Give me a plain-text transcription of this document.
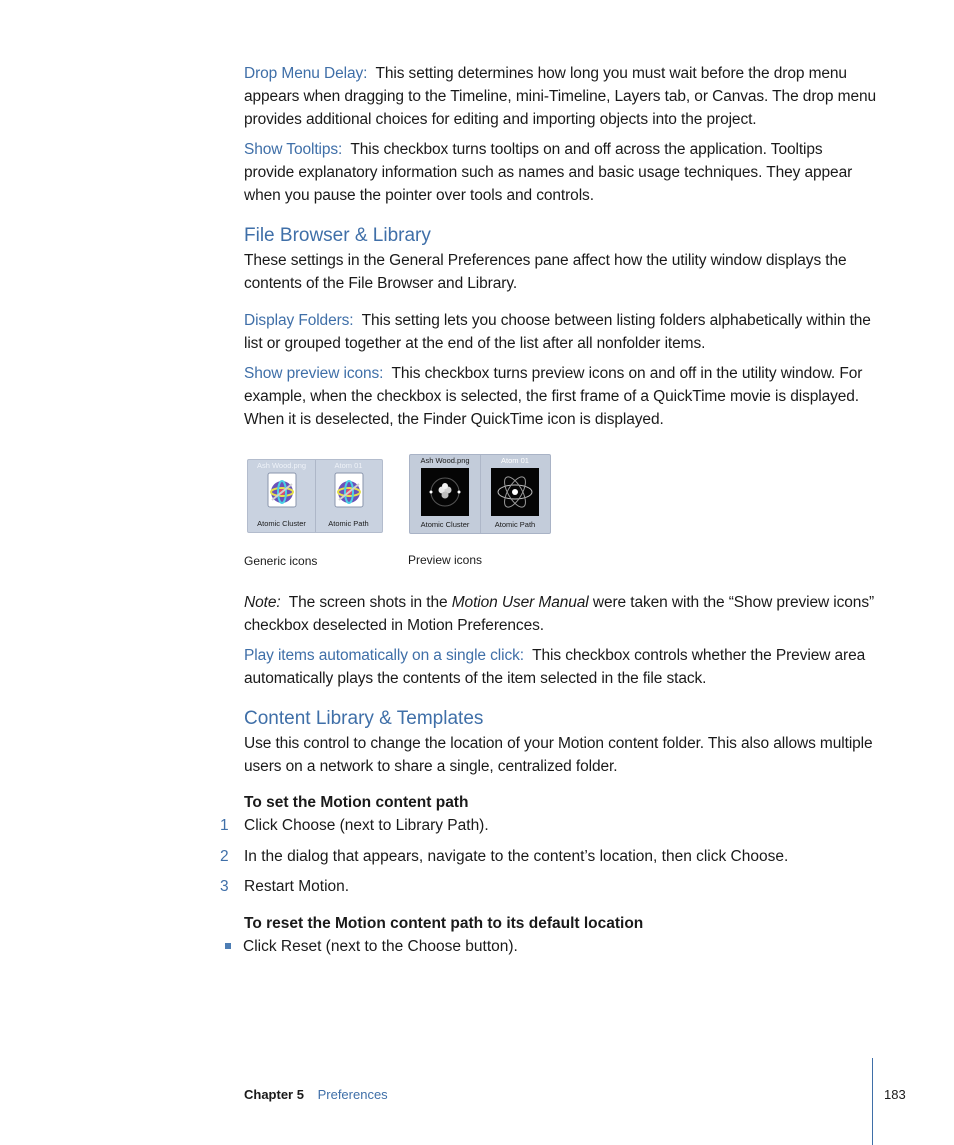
Drop Menu Delay: This setting determines how long you must wait before the drop menu appears when dragging to the Timeline, mini-Timeline, Layers tab, or Canvas. The drop menu provides additional choices for editing and importing objects into the project.

Show Tooltips: This checkbox turns tooltips on and off across the application. Tooltips provide explanatory information such as names and basic usage techniques. They appear when you pause the pointer over tools and controls.

File Browser & Library

These settings in the General Preferences pane affect how the utility window displays the contents of the File Browser and Library.

Display Folders: This setting lets you choose between listing folders alphabetically within the list or grouped together at the end of the list after all nonfolder items.

Show preview icons: This checkbox turns preview icons on and off in the utility window. For example, when the checkbox is selected, the first frame of a QuickTime movie is displayed. When it is deselected, the Finder QuickTime icon is displayed.

Ash Wood.png
Atomic Cluster
Atom 01
Atomic Path
Generic icons
Ash Wood.png
Atomic Cluster
Atom 01
Atomic Path
Preview icons

Note: The screen shots in the Motion User Manual were taken with the “Show preview icons” checkbox deselected in Motion Preferences.

Play items automatically on a single click: This checkbox controls whether the Preview area automatically plays the contents of the item selected in the file stack.

Content Library & Templates

Use this control to change the location of your Motion content folder. This also allows multiple users on a network to share a single, centralized folder.

To set the Motion content path
1 Click Choose (next to Library Path).
2 In the dialog that appears, navigate to the content’s location, then click Choose.
3 Restart Motion.
To reset the Motion content path to its default location
Click Reset (next to the Choose button).
Chapter 5 Preferences	183
